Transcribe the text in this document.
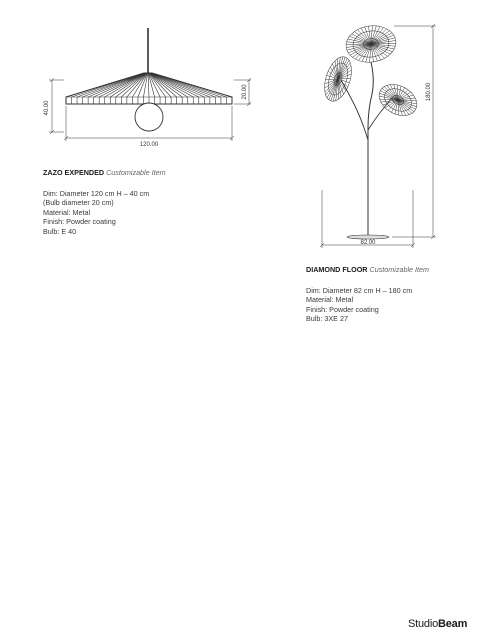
120.00
40.00
20.00
82.00
180.00

ZAZO EXPENDED Customizable Item

Dim: Diameter 120 cm H – 40 cm

(Bulb diameter 20 cm)

Material: Metal

Finish: Powder coating

Bulb: E 40

DIAMOND FLOOR Customizable Item

Dim: Diameter 82 cm H – 180 cm

Material: Metal

Finish: Powder coating

Bulb: 3XE 27

StudioBeam
